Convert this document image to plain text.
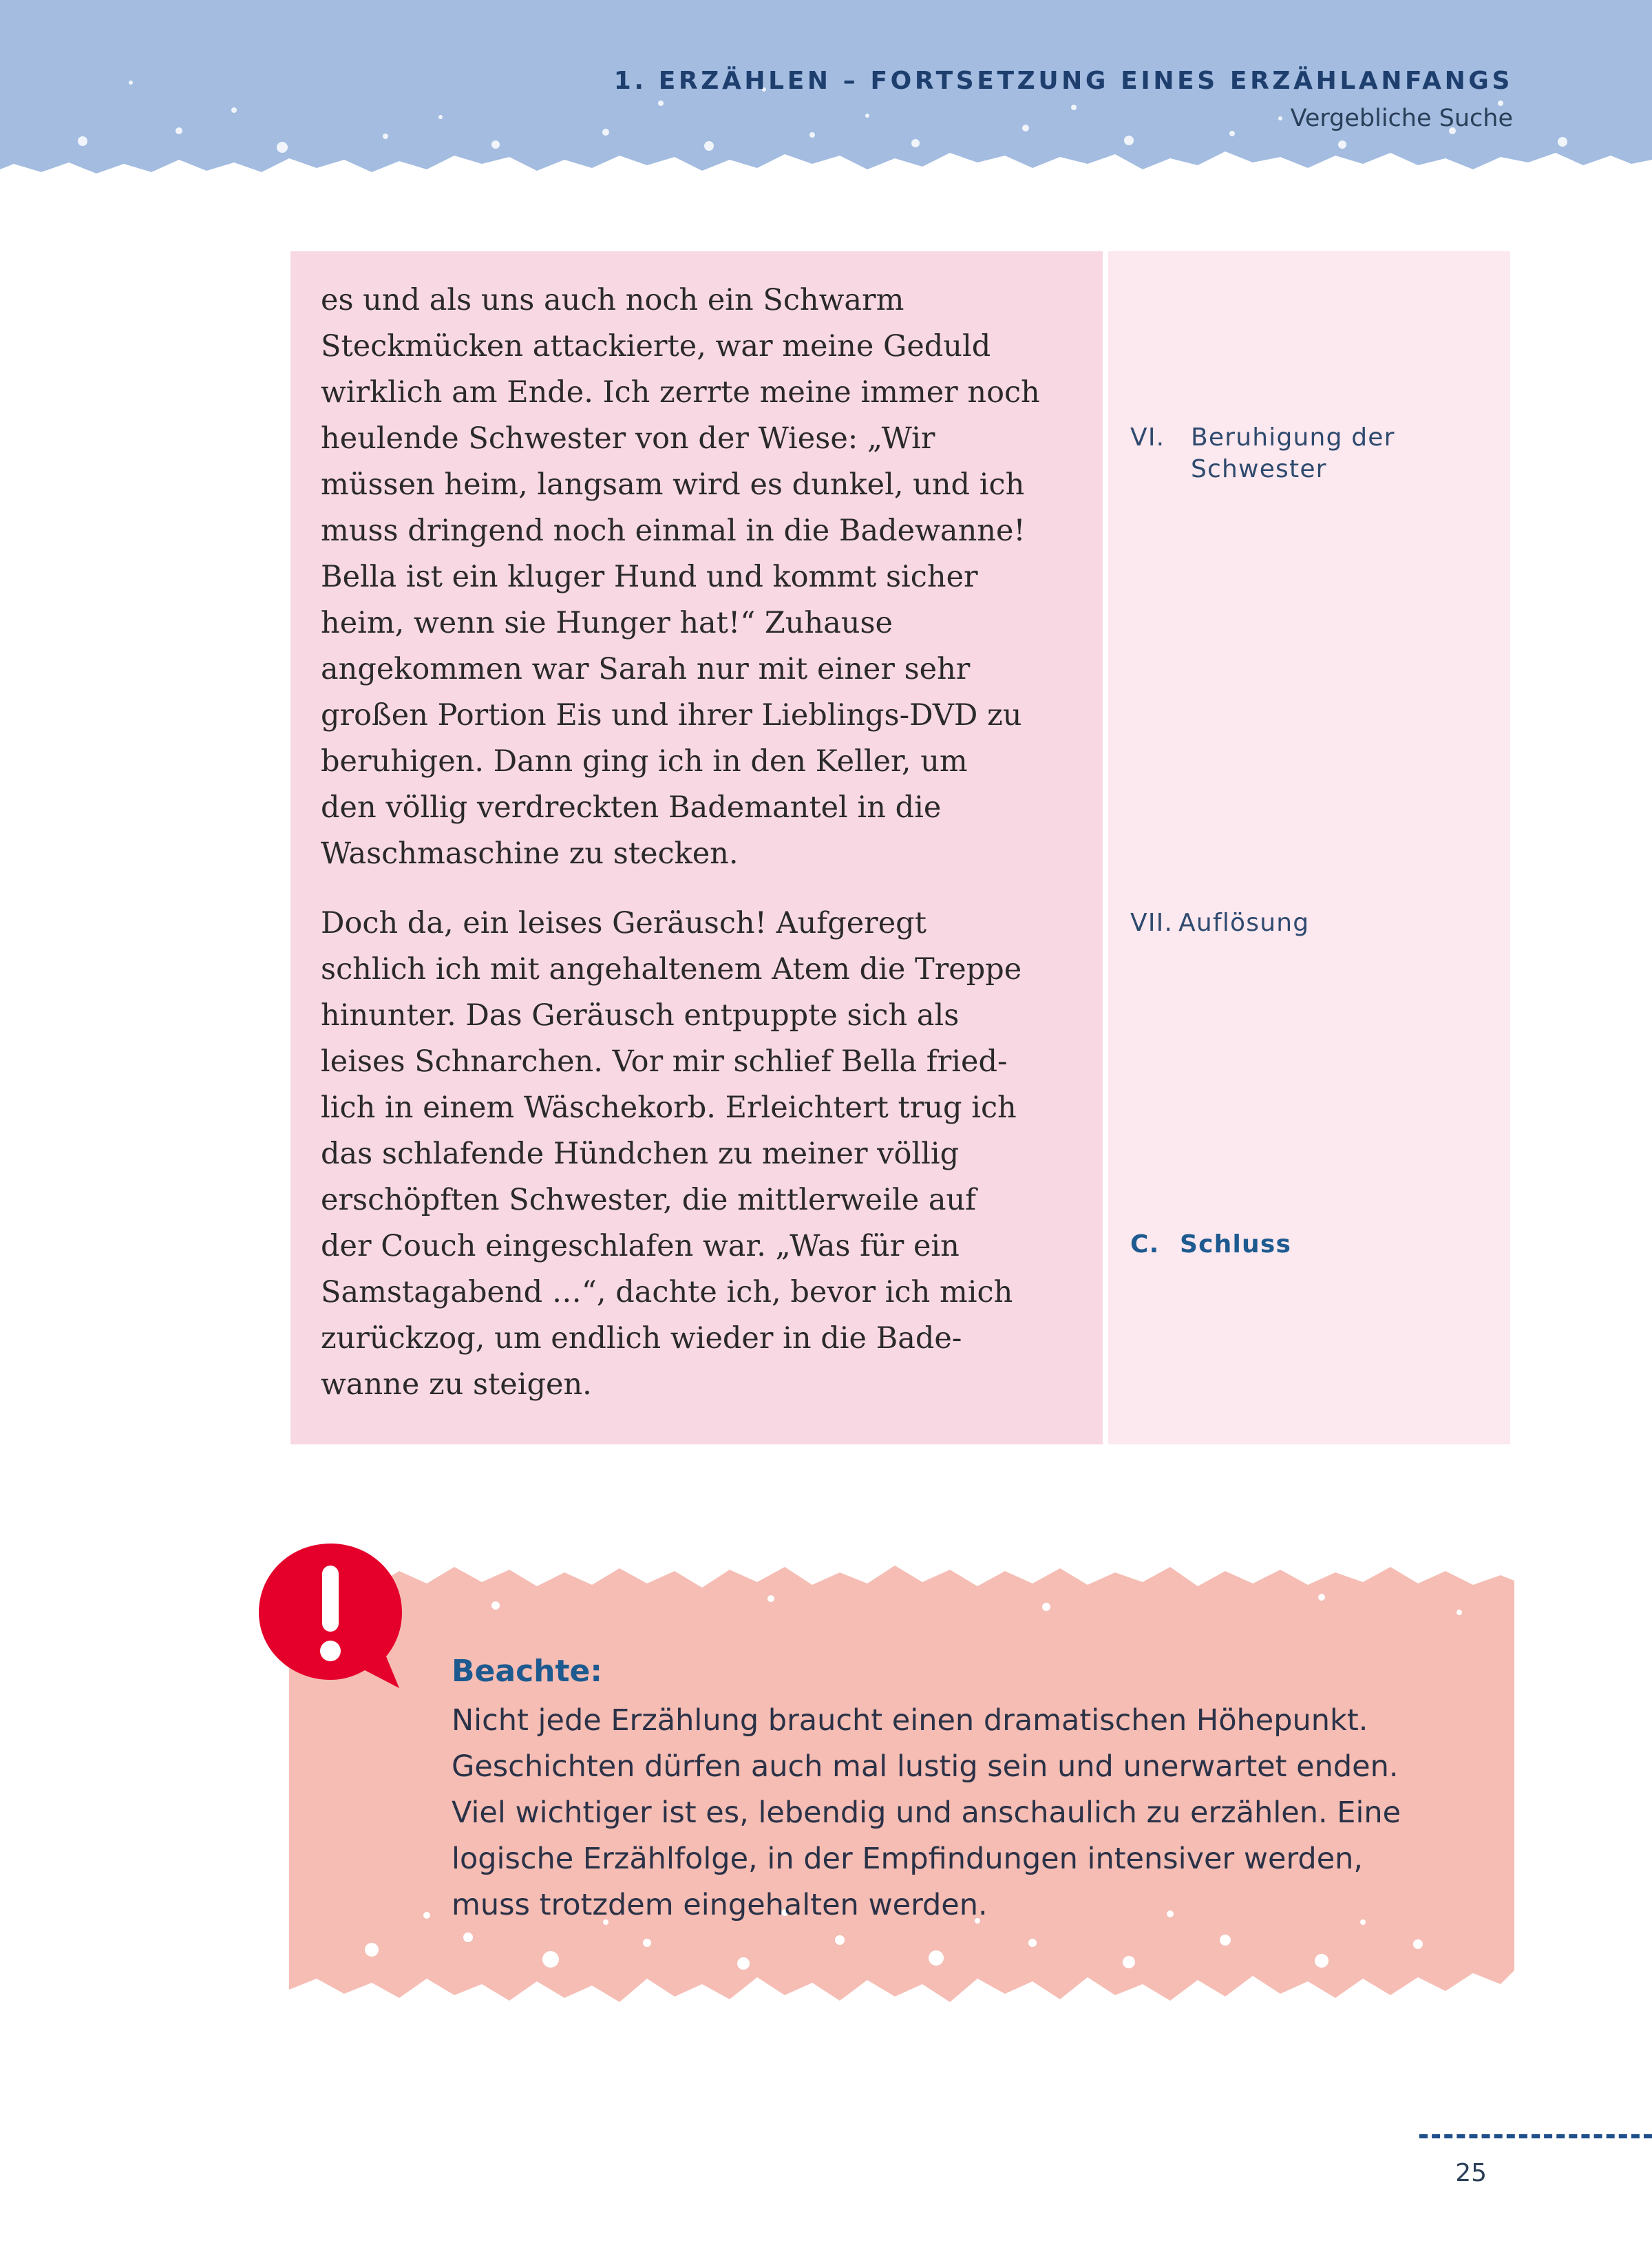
1. ERZÄHLEN – FORTSETZUNG EINES ERZÄHLANFANGS

Vergebliche Suche

es und als uns auch noch ein Schwarm
Steckmücken attackierte, war meine Geduld
wirklich am Ende. Ich zerrte meine immer noch
heulende Schwester von der Wiese: „Wir
müssen heim, langsam wird es dunkel, und ich
muss dringend noch einmal in die Badewanne!
Bella ist ein kluger Hund und kommt sicher
heim, wenn sie Hunger hat!“ Zuhause
angekommen war Sarah nur mit einer sehr
großen Portion Eis und ihrer Lieblings-DVD zu
beruhigen. Dann ging ich in den Keller, um
den völlig verdreckten Bademantel in die
Waschmaschine zu stecken.

Doch da, ein leises Geräusch! Aufgeregt
schlich ich mit angehaltenem Atem die Treppe
hinunter. Das Geräusch entpuppte sich als
leises Schnarchen. Vor mir schlief Bella fried-
lich in einem Wäschekorb. Erleichtert trug ich
das schlafende Hündchen zu meiner völlig
erschöpften Schwester, die mittlerweile auf
der Couch eingeschlafen war. „Was für ein
Samstagabend …“, dachte ich, bevor ich mich
zurückzog, um endlich wieder in die Bade-
wanne zu steigen.

VI. Beruhigung der Schwester

VII. Auflösung

C. Schluss

Beachte:

Nicht jede Erzählung braucht einen dramatischen Höhepunkt.
Geschichten dürfen auch mal lustig sein und unerwartet enden.
Viel wichtiger ist es, lebendig und anschaulich zu erzählen. Eine
logische Erzählfolge, in der Empfindungen intensiver werden,
muss trotzdem eingehalten werden.

25
